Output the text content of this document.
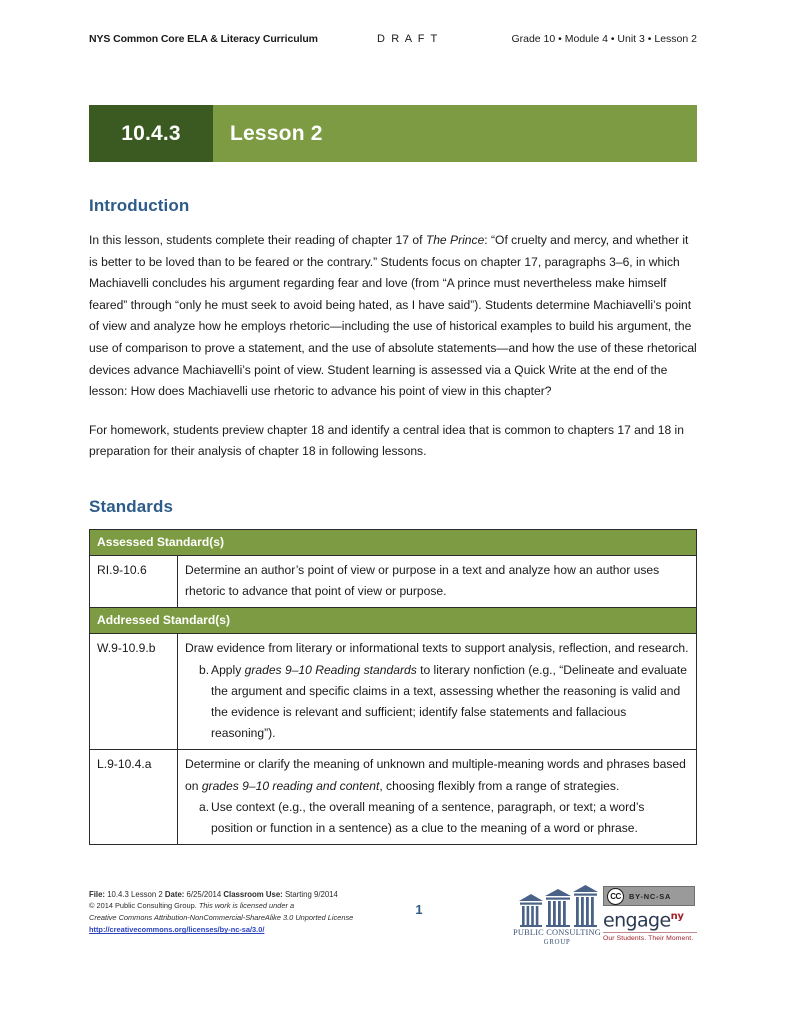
NYS Common Core ELA & Literacy Curriculum	D R A F T	Grade 10 • Module 4 • Unit 3 • Lesson 2
10.4.3	Lesson 2
Introduction

In this lesson, students complete their reading of chapter 17 of The Prince: “Of cruelty and mercy, and whether it is better to be loved than to be feared or the contrary.” Students focus on chapter 17, paragraphs 3–6, in which Machiavelli concludes his argument regarding fear and love (from “A prince must nevertheless make himself feared” through “only he must seek to avoid being hated, as I have said”). Students determine Machiavelli’s point of view and analyze how he employs rhetoric—including the use of historical examples to build his argument, the use of comparison to prove a statement, and the use of absolute statements—and how the use of these rhetorical devices advance Machiavelli’s point of view. Student learning is assessed via a Quick Write at the end of the lesson: How does Machiavelli use rhetoric to advance his point of view in this chapter?

For homework, students preview chapter 18 and identify a central idea that is common to chapters 17 and 18 in preparation for their analysis of chapter 18 in following lessons.

Standards
Assessed Standard(s)	
RI.9-10.6	Determine an author’s point of view or purpose in a text and analyze how an author uses rhetoric to advance that point of view or purpose.
Addressed Standard(s)	
W.9-10.9.b	Draw evidence from literary or informational texts to support analysis, reflection, and research.
b. Apply grades 9–10 Reading standards to literary nonfiction (e.g., “Delineate and evaluate the argument and specific claims in a text, assessing whether the reasoning is valid and the evidence is relevant and sufficient; identify false statements and fallacious reasoning”).

L.9-10.4.a	Determine or clarify the meaning of unknown and multiple-meaning words and phrases based on grades 9–10 reading and content, choosing flexibly from a range of strategies.
a. Use context (e.g., the overall meaning of a sentence, paragraph, or text; a word’s position or function in a sentence) as a clue to the meaning of a word or phrase.
File: 10.4.3 Lesson 2 Date: 6/25/2014 Classroom Use: Starting 9/2014
© 2014 Public Consulting Group. This work is licensed under a
Creative Commons Attribution-NonCommercial-ShareAlike 3.0 Unported License
http://creativecommons.org/licenses/by-nc-sa/3.0/
1
PUBLIC CONSULTING
GROUP
CC	BY-NC-SA
engage$^{ny}$
Our Students. Their Moment.
